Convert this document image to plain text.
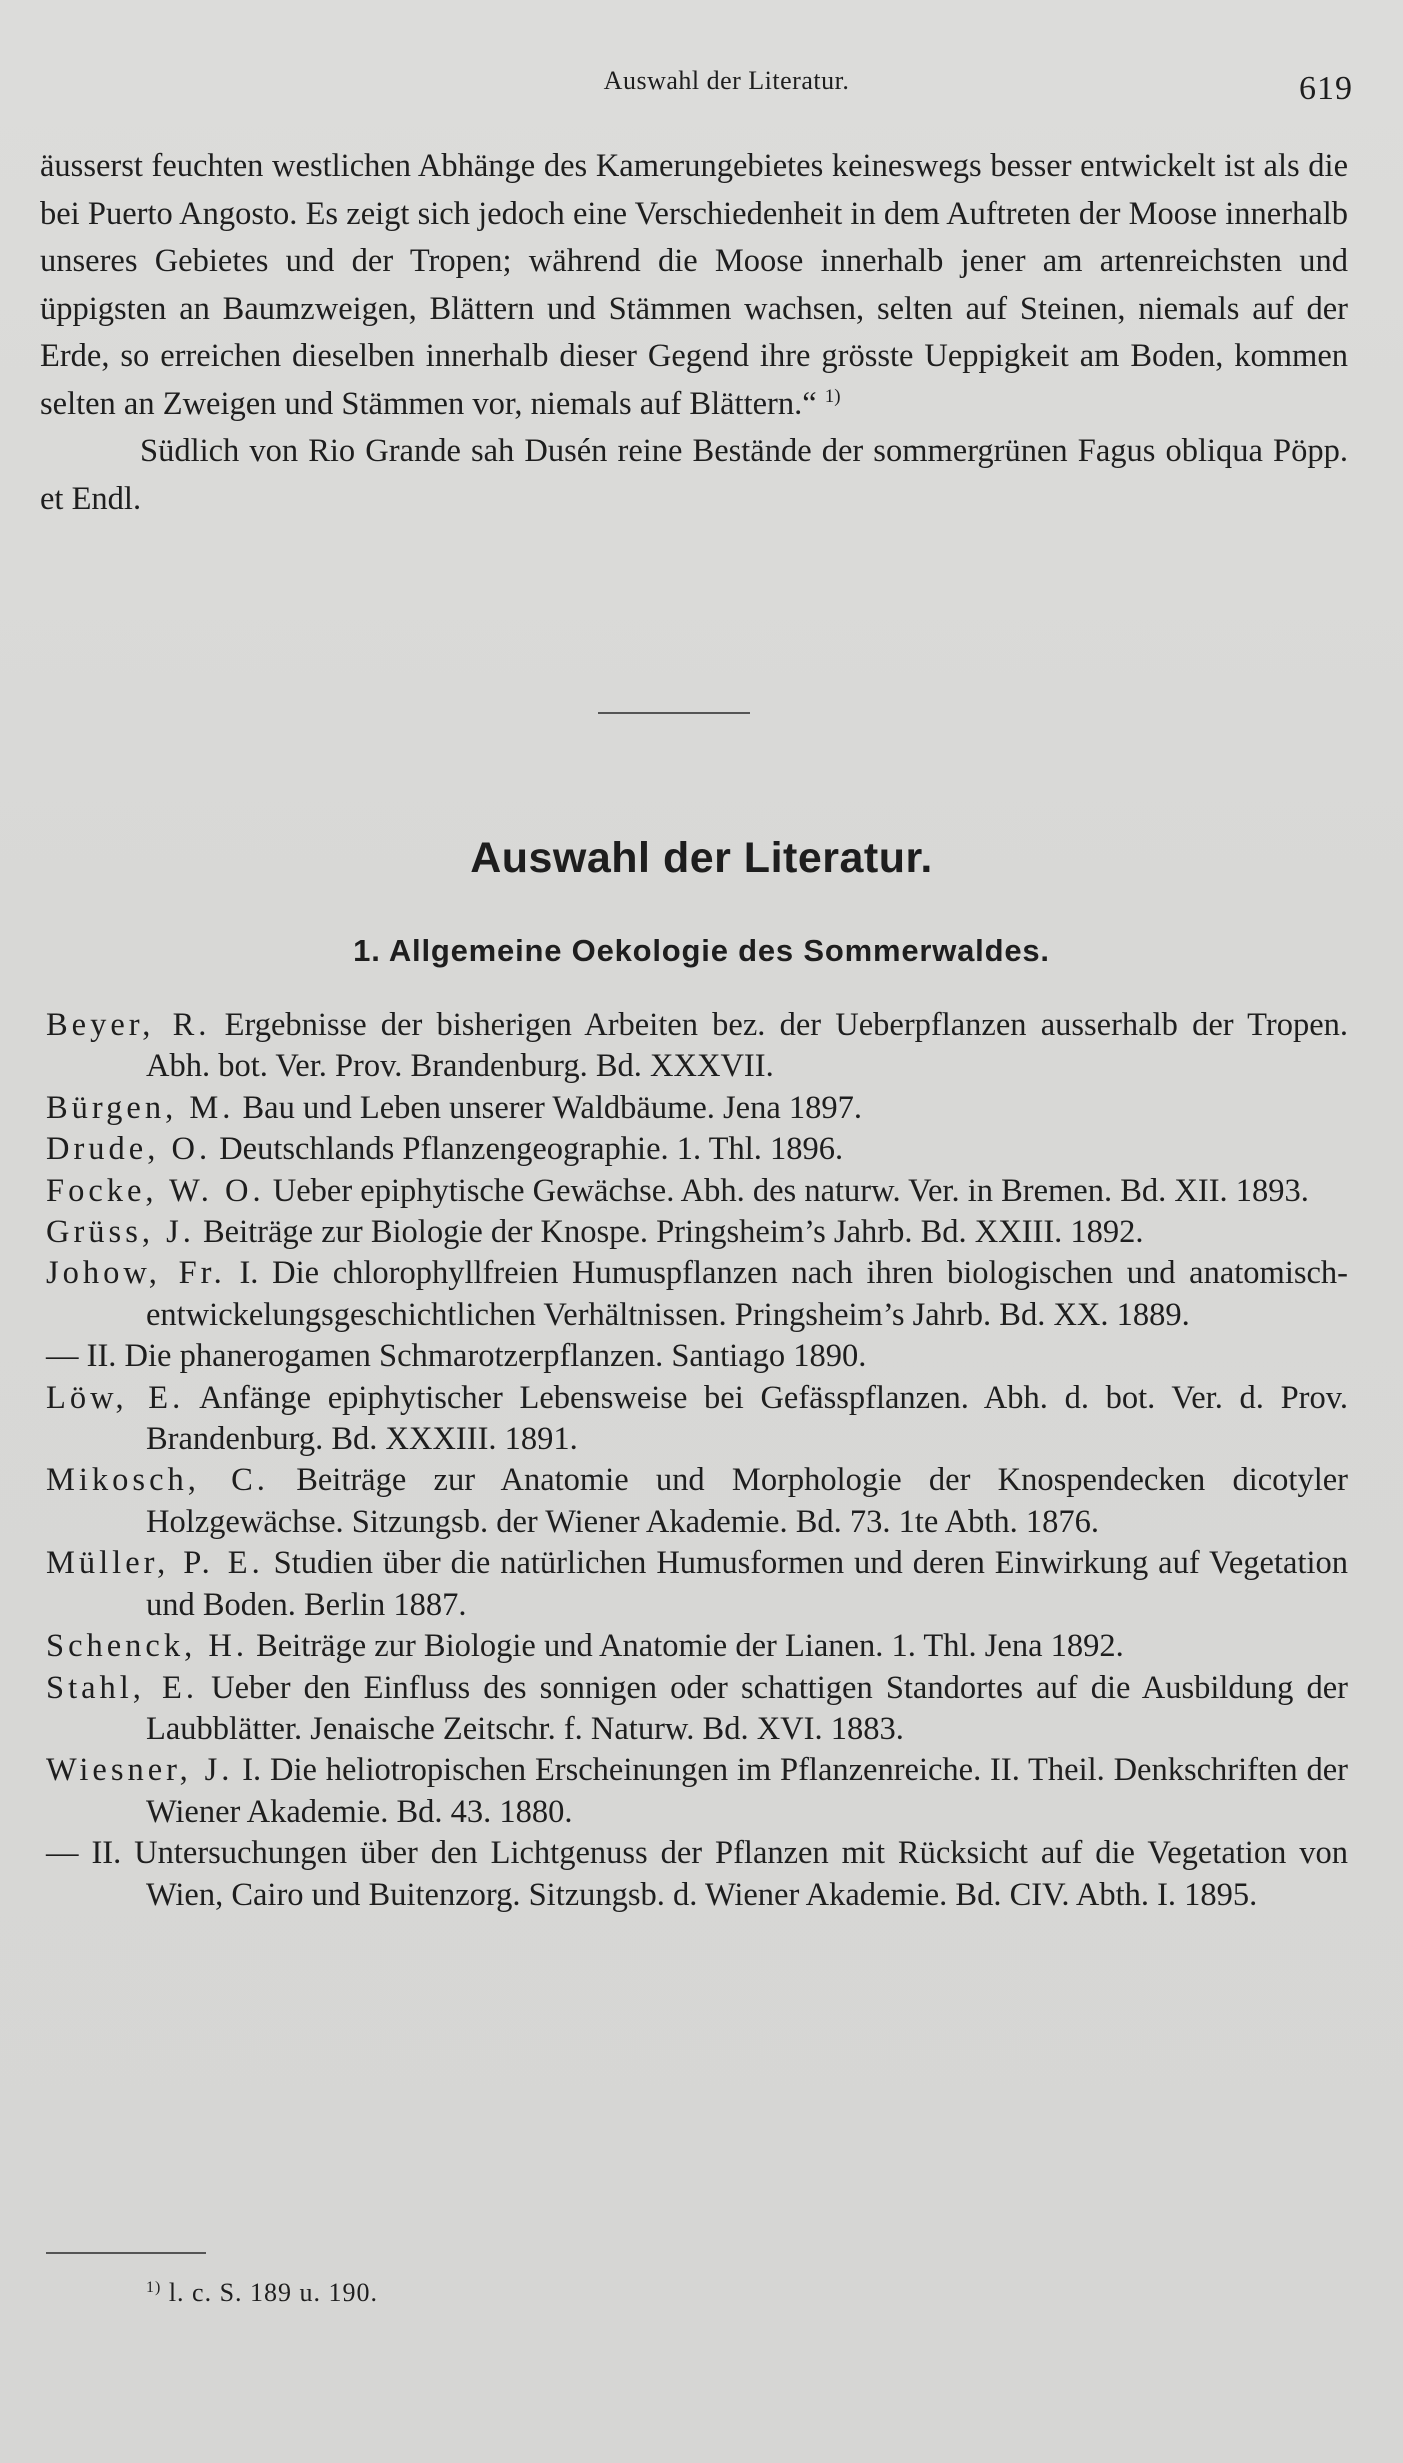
Auswahl der Literatur.	619

äusserst feuchten westlichen Abhänge des Kamerungebietes keineswegs besser entwickelt ist als die bei Puerto Angosto. Es zeigt sich jedoch eine Verschiedenheit in dem Auftreten der Moose innerhalb unseres Gebietes und der Tropen; während die Moose innerhalb jener am artenreichsten und üppigsten an Baumzweigen, Blättern und Stämmen wachsen, selten auf Steinen, niemals auf der Erde, so erreichen dieselben innerhalb dieser Gegend ihre grösste Ueppigkeit am Boden, kommen selten an Zweigen und Stämmen vor, niemals auf Blättern.“ $^{1)}$

Südlich von Rio Grande sah Dusén reine Bestände der sommergrünen Fagus obliqua Pöpp. et Endl.

Auswahl der Literatur.
1. Allgemeine Oekologie des Sommerwaldes.

Beyer, R. Ergebnisse der bisherigen Arbeiten bez. der Ueberpflanzen ausserhalb der Tropen. Abh. bot. Ver. Prov. Brandenburg. Bd. XXXVII.

Bürgen, M. Bau und Leben unserer Waldbäume. Jena 1897.

Drude, O. Deutschlands Pflanzengeographie. 1. Thl. 1896.

Focke, W. O. Ueber epiphytische Gewächse. Abh. des naturw. Ver. in Bremen. Bd. XII. 1893.

Grüss, J. Beiträge zur Biologie der Knospe. Pringsheim’s Jahrb. Bd. XXIII. 1892.

Johow, Fr. I. Die chlorophyllfreien Humuspflanzen nach ihren biologischen und anatomisch-entwickelungsgeschichtlichen Verhältnissen. Pringsheim’s Jahrb. Bd. XX. 1889.

— II. Die phanerogamen Schmarotzerpflanzen. Santiago 1890.

Löw, E. Anfänge epiphytischer Lebensweise bei Gefässpflanzen. Abh. d. bot. Ver. d. Prov. Brandenburg. Bd. XXXIII. 1891.

Mikosch, C. Beiträge zur Anatomie und Morphologie der Knospendecken dicotyler Holzgewächse. Sitzungsb. der Wiener Akademie. Bd. 73. 1te Abth. 1876.

Müller, P. E. Studien über die natürlichen Humusformen und deren Einwirkung auf Vegetation und Boden. Berlin 1887.

Schenck, H. Beiträge zur Biologie und Anatomie der Lianen. 1. Thl. Jena 1892.

Stahl, E. Ueber den Einfluss des sonnigen oder schattigen Standortes auf die Ausbildung der Laubblätter. Jenaische Zeitschr. f. Naturw. Bd. XVI. 1883.

Wiesner, J. I. Die heliotropischen Erscheinungen im Pflanzenreiche. II. Theil. Denkschriften der Wiener Akademie. Bd. 43. 1880.

— II. Untersuchungen über den Lichtgenuss der Pflanzen mit Rücksicht auf die Vegetation von Wien, Cairo und Buitenzorg. Sitzungsb. d. Wiener Akademie. Bd. CIV. Abth. I. 1895.

$^{1)}$ l. c. S. 189 u. 190.
